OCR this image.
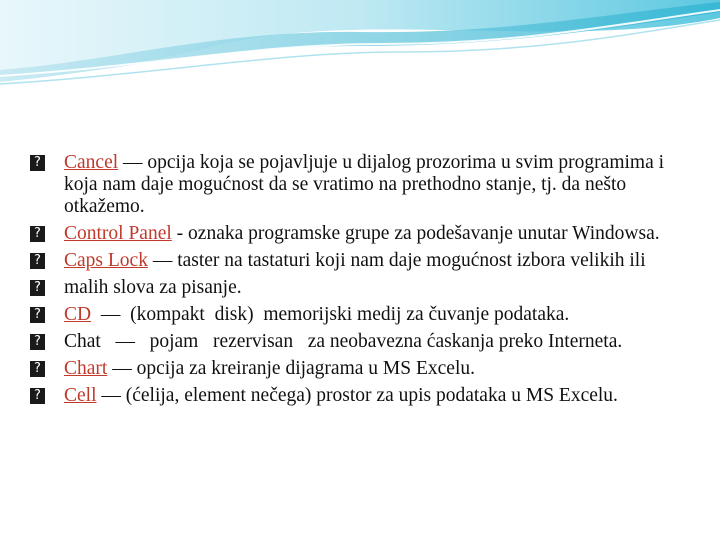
? Cancel — opcija koja se pojavljuje u dijalog prozorima u svim programima i koja nam daje mogućnost da se vratimo na prethodno stanje, tj. da nešto otkažemo.
? Control Panel - oznaka programske grupe za podešavanje unutar Windowsa.
? Caps Lock — taster na tastaturi koji nam daje mogućnost izbora velikih ili
? malih slova za pisanje.
? CD  —  (kompakt  disk)  memorijski medij za čuvanje podataka.
? Chat   —   pojam   rezervisan   za neobavezna ćaskanja preko Interneta.
? Chart — opcija za kreiranje dijagrama u MS Excelu.
? Cell — (ćelija, element nečega) prostor za upis podataka u MS Excelu.
